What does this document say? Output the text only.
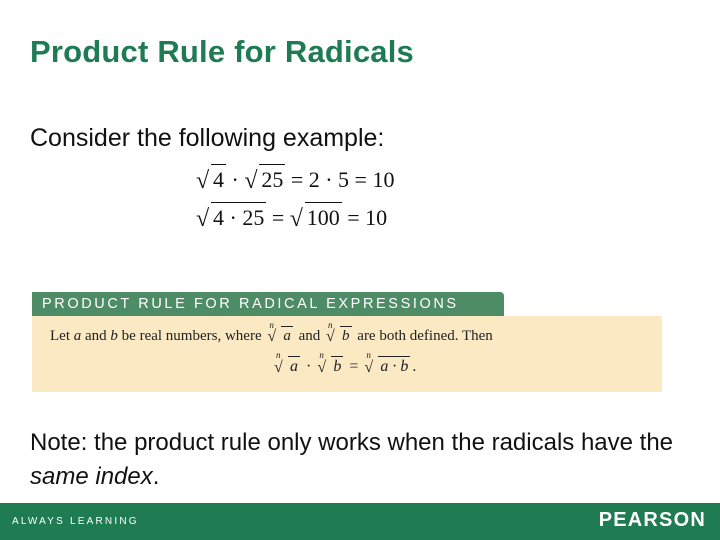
Product Rule for Radicals
Consider the following example:
√ 4 · √ 25 = 2 · 5 = 10
√ 4 · 25 = √ 100 = 10
PRODUCT RULE FOR RADICAL EXPRESSIONS
Let a and b be real numbers, where
n
√ a and
n
√ b are both defined. Then
n
√ a ·
n
√ b =
n
√ a · b .
Note: the product rule only works when the radicals have the same index.
ALWAYS LEARNING	PEARSON
